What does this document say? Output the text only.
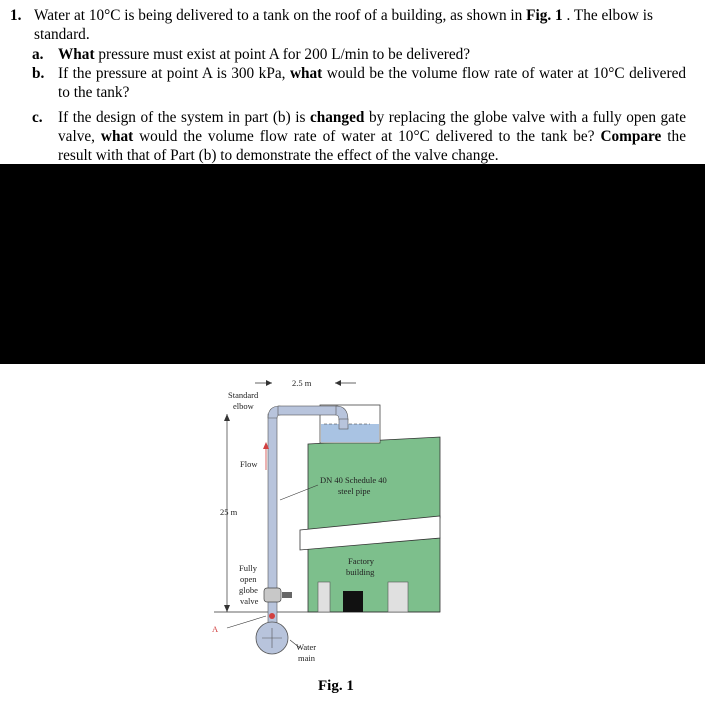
1. Water at 10°C is being delivered to a tank on the roof of a building, as shown in Fig. 1 . The elbow is standard.
a. What pressure must exist at point A for 200 L/min to be delivered?
b. If the pressure at point A is 300 kPa, what would be the volume flow rate of water at 10°C delivered to the tank?
c. If the design of the system in part (b) is changed by replacing the globe valve with a fully open gate valve, what would the volume flow rate of water at 10°C delivered to the tank be? Compare the result with that of Part (b) to demonstrate the effect of the valve change.
2.5 m
Standard
elbow
Flow
DN 40 Schedule 40
steel pipe
25 m
Fully
open
globe
valve
Factory
building
A
Water
main
Fig. 1
